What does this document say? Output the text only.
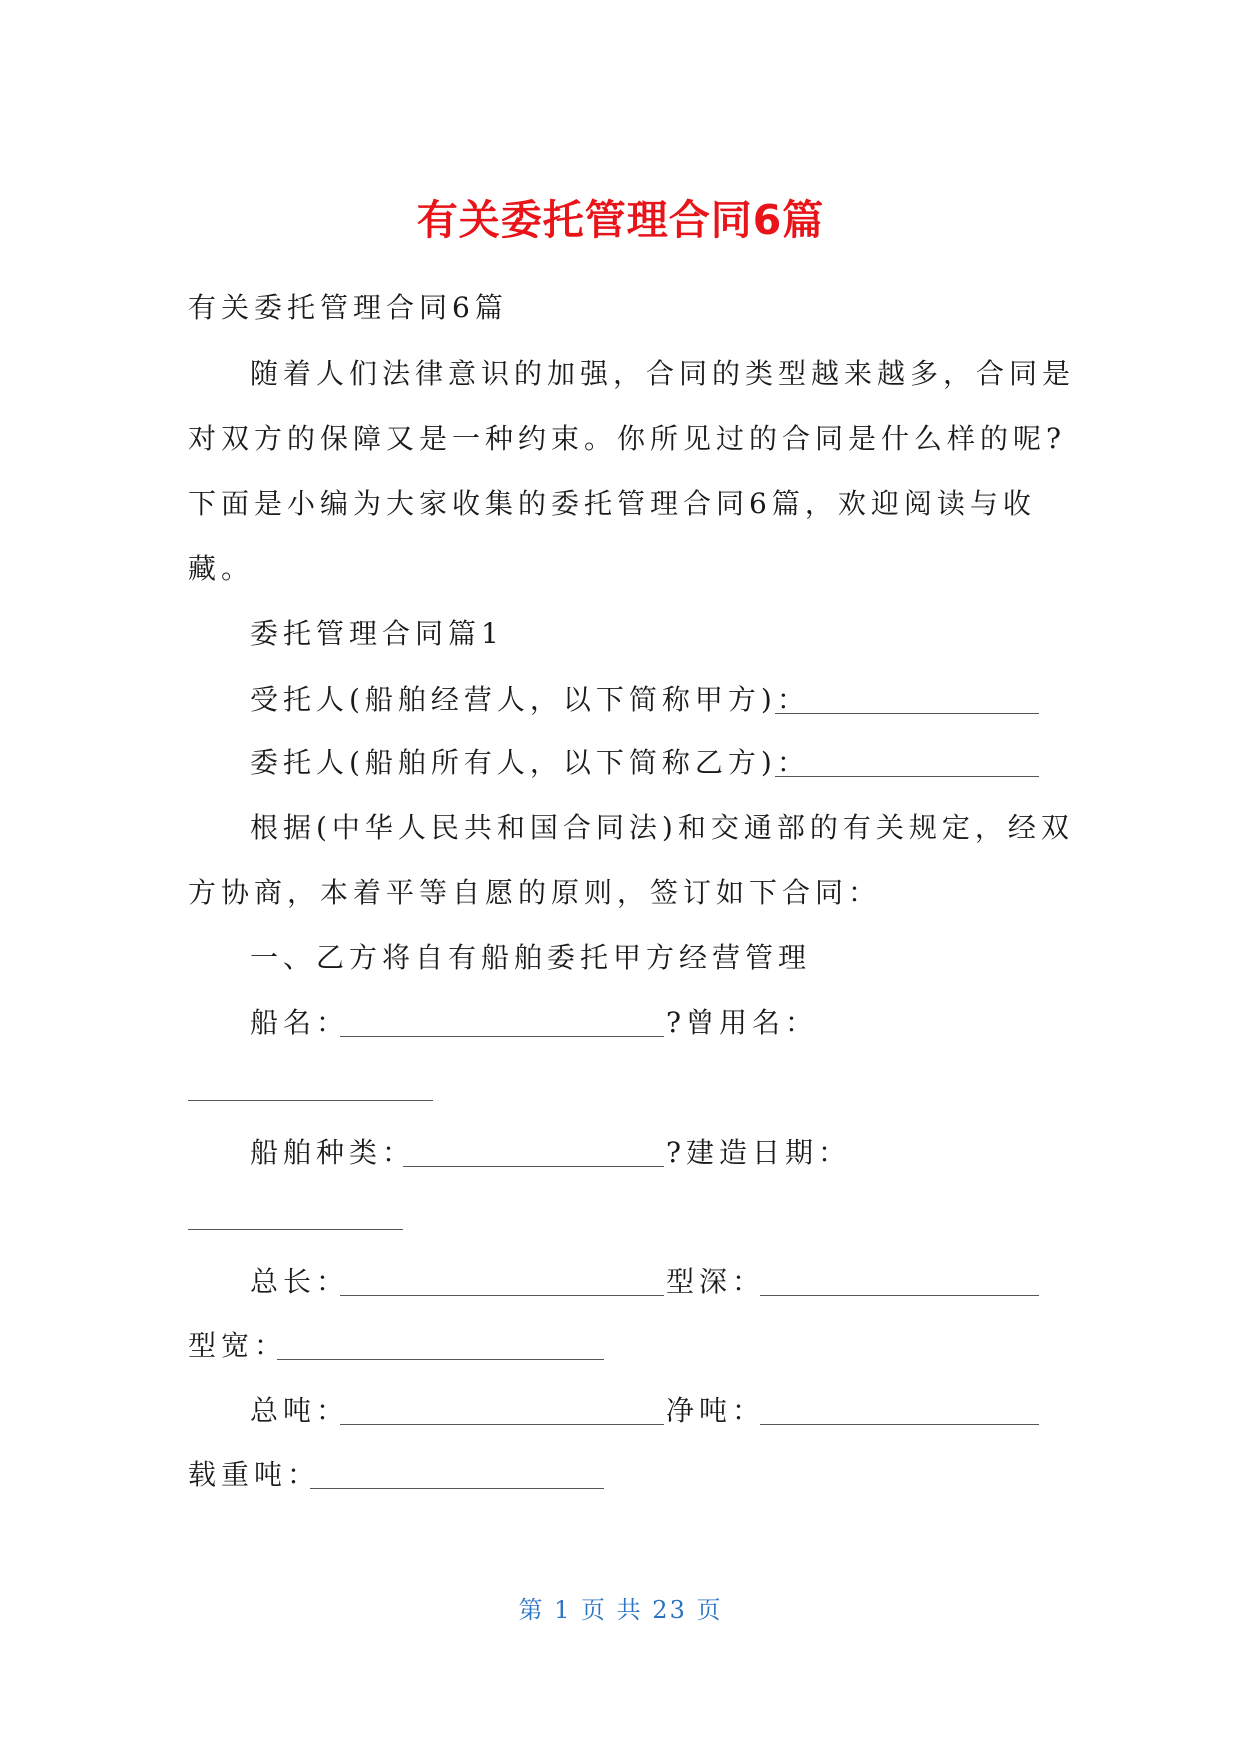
有关委托管理合同6篇
有关委托管理合同6篇
随着人们法律意识的加强，合同的类型越来越多，合同是
对双方的保障又是一种约束。你所见过的合同是什么样的呢?
下面是小编为大家收集的委托管理合同6篇，欢迎阅读与收
藏。
委托管理合同篇1
受托人(船舶经营人，以下简称甲方)：
委托人(船舶所有人，以下简称乙方)：
根据(中华人民共和国合同法)和交通部的有关规定，经双
方协商，本着平等自愿的原则，签订如下合同：
一、乙方将自有船舶委托甲方经营管理
船名：	?曾用名：
船舶种类：	?建造日期：
总长：	型深：
型宽：
总吨：	净吨：
载重吨：
第 1 页 共 23 页
